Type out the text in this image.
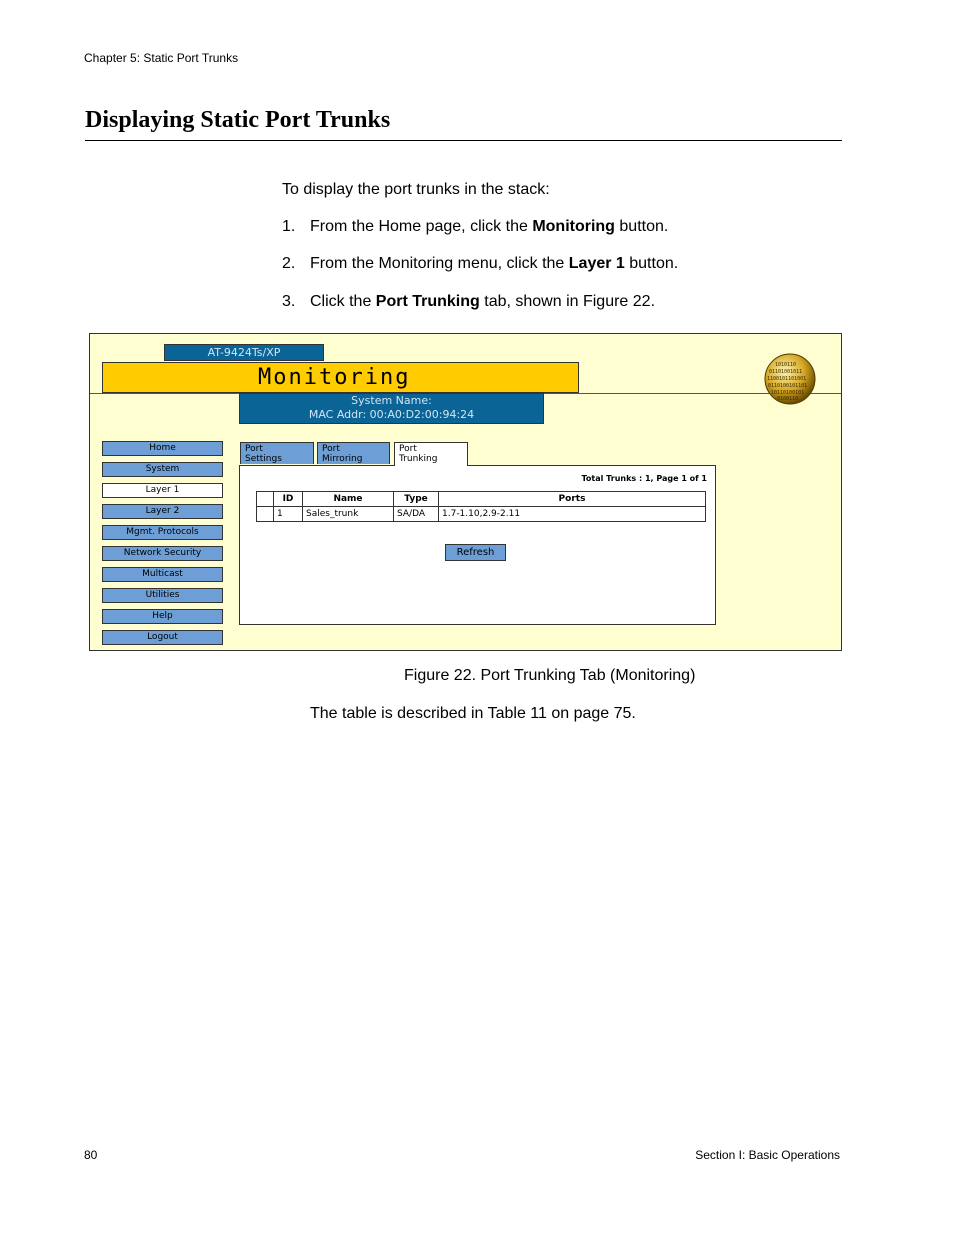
Chapter 5: Static Port Trunks
Displaying Static Port Trunks
To display the port trunks in the stack:
1. From the Home page, click the Monitoring button.
2. From the Monitoring menu, click the Layer 1 button.
3. Click the Port Trunking tab, shown in Figure 22.
AT-9424Ts/XP
Monitoring
System Name:
MAC Addr: 00:A0:D2:00:94:24
1010110
01101001011
1100101101001
0110100101101
10110100101
0100110
Home
System
Layer 1
Layer 2
Mgmt. Protocols
Network Security
Multicast
Utilities
Help
Logout
Port
Settings
Port
Mirroring
Port
Trunking
Total Trunks : 1, Page 1 of 1
	ID	Name	Type	Ports
	1	Sales_trunk	SA/DA	1.7-1.10,2.9-2.11
Refresh
Figure 22. Port Trunking Tab (Monitoring)
The table is described in Table 11 on page 75.
80	Section I: Basic Operations
